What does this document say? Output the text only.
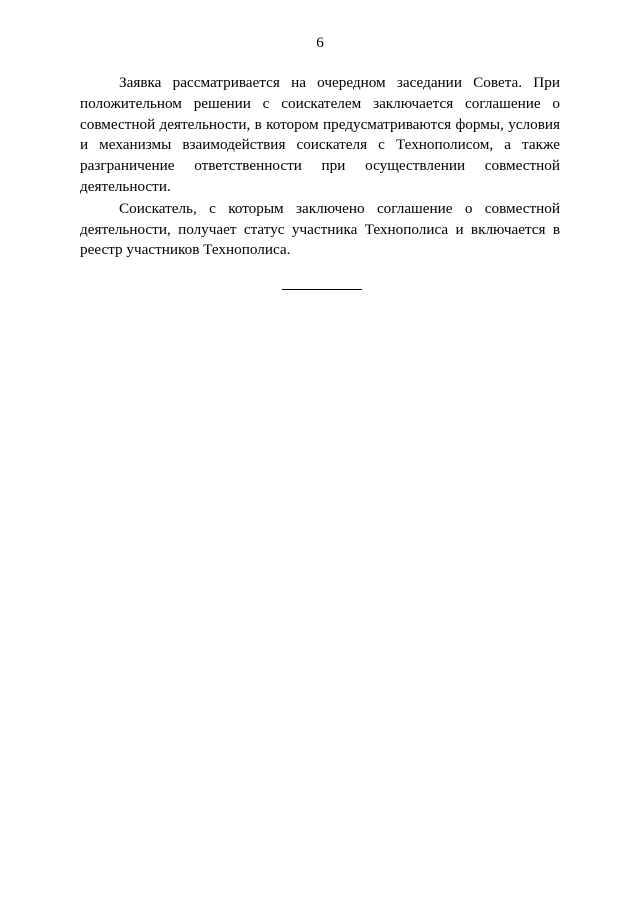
6

Заявка рассматривается на очередном заседании Совета. При положительном решении с соискателем заключается соглашение о совместной деятельности, в котором предусматриваются формы, условия и механизмы взаимодействия соискателя с Технополисом, а также разграничение ответственности при осуществлении совместной деятельности.

Соискатель, с которым заключено соглашение о совместной деятельности, получает статус участника Технополиса и включается в реестр участников Технополиса.
